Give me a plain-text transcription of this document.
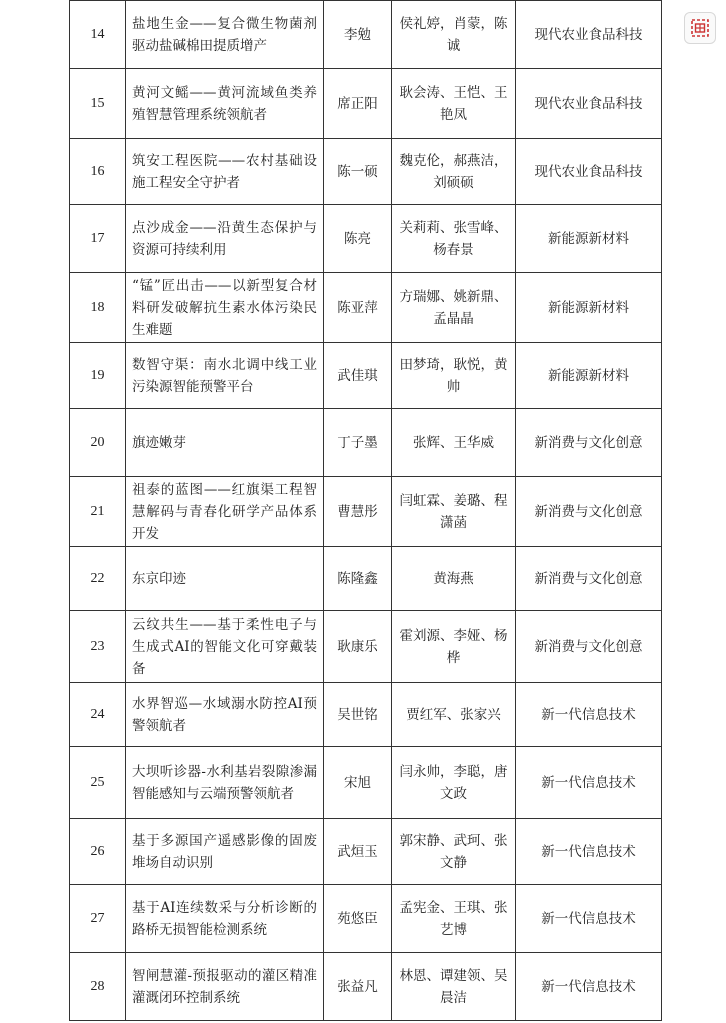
14	盐地生金——复合微生物菌剂驱动盐碱棉田提质增产	李勉	侯礼婷，肖蒙，陈诚	现代农业食品科技
15	黄河文鳐——黄河流域鱼类养殖智慧管理系统领航者	席正阳	耿会涛、王恺、王艳凤	现代农业食品科技
16	筑安工程医院——农村基础设施工程安全守护者	陈一硕	魏克伦，郝燕洁，刘硕硕	现代农业食品科技
17	点沙成金——沿黄生态保护与资源可持续利用	陈亮	关莉莉、张雪峰、杨春景	新能源新材料
18	“锰”匠出击——以新型复合材料研发破解抗生素水体污染民生难题	陈亚萍	方瑞娜、姚新鼎、孟晶晶	新能源新材料
19	数智守渠：南水北调中线工业污染源智能预警平台	武佳琪	田梦琦，耿悦，黄帅	新能源新材料
20	旗迹嫩芽	丁子墨	张辉、王华威	新消费与文化创意
21	祖泰的蓝图——红旗渠工程智慧解码与青春化研学产品体系开发	曹慧彤	闫虹霖、姜璐、程潇菡	新消费与文化创意
22	东京印迹	陈隆鑫	黄海燕	新消费与文化创意
23	云纹共生——基于柔性电子与生成式AI的智能文化可穿戴装备	耿康乐	霍刘源、李娅、杨桦	新消费与文化创意
24	水界智巡—水域溺水防控AI预警领航者	吴世铭	贾红军、张家兴	新一代信息技术
25	大坝听诊器-水利基岩裂隙渗漏智能感知与云端预警领航者	宋旭	闫永帅，李聪，唐文政	新一代信息技术
26	基于多源国产遥感影像的固废堆场自动识别	武烜玉	郭宋静、武珂、张文静	新一代信息技术
27	基于AI连续数采与分析诊断的路桥无损智能检测系统	苑悠臣	孟宪金、王琪、张艺博	新一代信息技术
28	智闸慧灌-预报驱动的灌区精准灌溉闭环控制系统	张益凡	林恩、谭建领、吴晨洁	新一代信息技术
